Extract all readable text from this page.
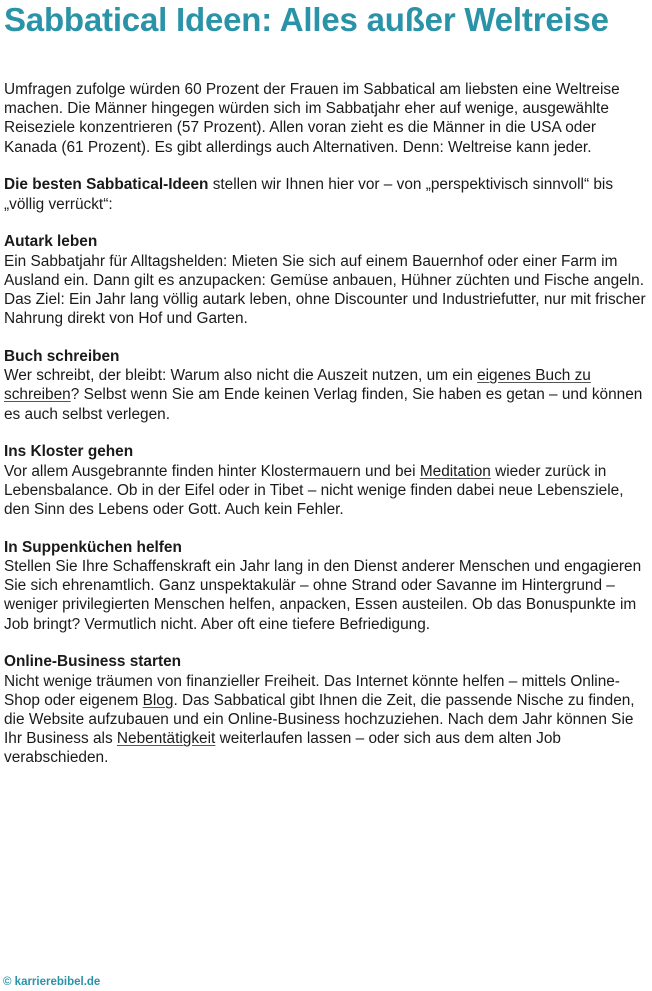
Sabbatical Ideen: Alles außer Weltreise

Umfragen zufolge würden 60 Prozent der Frauen im Sabbatical am liebsten eine Weltreise machen. Die Männer hingegen würden sich im Sabbatjahr eher auf wenige, ausgewählte Reiseziele konzentrieren (57 Prozent). Allen voran zieht es die Männer in die USA oder Kanada (61 Prozent). Es gibt allerdings auch Alternativen. Denn: Weltreise kann jeder.

Die besten Sabbatical-Ideen stellen wir Ihnen hier vor – von „perspektivisch sinnvoll“ bis „völlig verrückt“:

Autark leben

Ein Sabbatjahr für Alltagshelden: Mieten Sie sich auf einem Bauernhof oder einer Farm im Ausland ein. Dann gilt es anzupacken: Gemüse anbauen, Hühner züchten und Fische angeln. Das Ziel: Ein Jahr lang völlig autark leben, ohne Discounter und Industriefutter, nur mit frischer Nahrung direkt von Hof und Garten.

Buch schreiben

Wer schreibt, der bleibt: Warum also nicht die Auszeit nutzen, um ein eigenes Buch zu schreiben? Selbst wenn Sie am Ende keinen Verlag finden, Sie haben es getan – und können es auch selbst verlegen.

Ins Kloster gehen

Vor allem Ausgebrannte finden hinter Klostermauern und bei Meditation wieder zurück in Lebensbalance. Ob in der Eifel oder in Tibet – nicht wenige finden dabei neue Lebensziele, den Sinn des Lebens oder Gott. Auch kein Fehler.

In Suppenküchen helfen

Stellen Sie Ihre Schaffenskraft ein Jahr lang in den Dienst anderer Menschen und engagieren Sie sich ehrenamtlich. Ganz unspektakulär – ohne Strand oder Savanne im Hintergrund – weniger privilegierten Menschen helfen, anpacken, Essen austeilen. Ob das Bonuspunkte im Job bringt? Vermutlich nicht. Aber oft eine tiefere Befriedigung.

Online-Business starten

Nicht wenige träumen von finanzieller Freiheit. Das Internet könnte helfen – mittels Online-Shop oder eigenem Blog. Das Sabbatical gibt Ihnen die Zeit, die passende Nische zu finden, die Website aufzubauen und ein Online-Business hochzuziehen. Nach dem Jahr können Sie Ihr Business als Nebentätigkeit weiterlaufen lassen – oder sich aus dem alten Job verabschieden.

© karrierebibel.de
